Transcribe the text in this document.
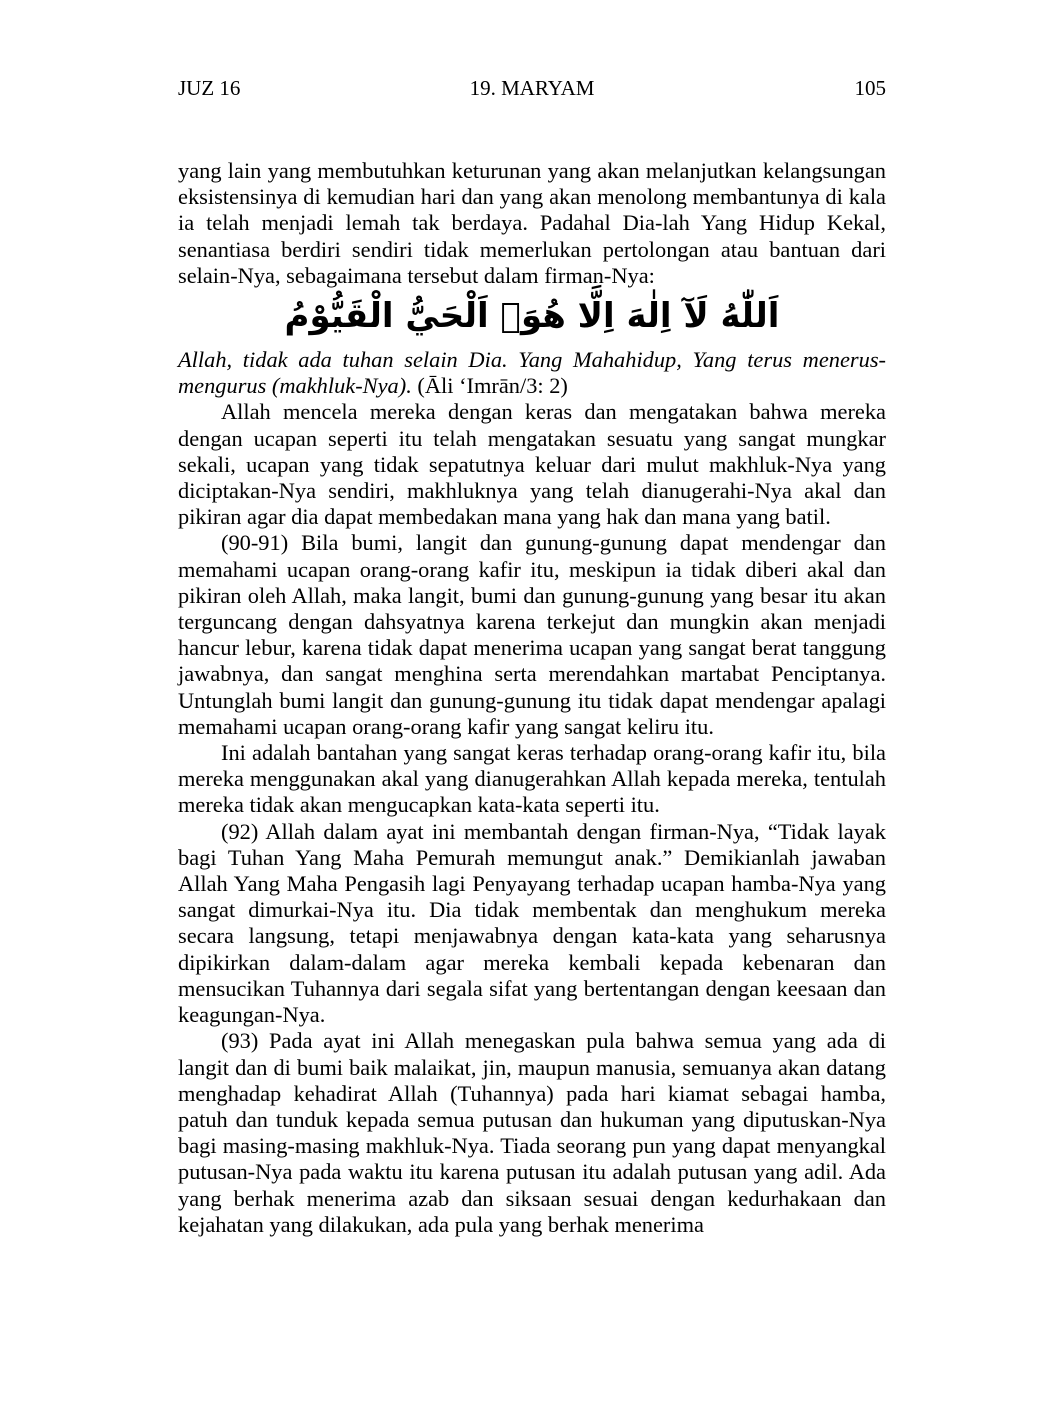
JUZ 16	19. MARYAM	105

yang lain yang membutuhkan keturunan yang akan melanjutkan kelangsungan eksistensinya di kemudian hari dan yang akan menolong membantunya di kala ia telah menjadi lemah tak berdaya. Padahal Dia-lah Yang Hidup Kekal, senantiasa berdiri sendiri tidak memerlukan pertolongan atau bantuan dari selain-Nya, sebagaimana tersebut dalam firman-Nya:

اَللّٰهُ لَآ اِلٰهَ اِلَّا هُوَۚ اَلْحَيُّ الْقَيُّوْمُ

Allah, tidak ada tuhan selain Dia. Yang Mahahidup, Yang terus menerus-mengurus (makhluk-Nya). (Āli ‘Imrān/3: 2)

Allah mencela mereka dengan keras dan mengatakan bahwa mereka dengan ucapan seperti itu telah mengatakan sesuatu yang sangat mungkar sekali, ucapan yang tidak sepatutnya keluar dari mulut makhluk-Nya yang diciptakan-Nya sendiri, makhluknya yang telah dianugerahi-Nya akal dan pikiran agar dia dapat membedakan mana yang hak dan mana yang batil.

(90-91) Bila bumi, langit dan gunung-gunung dapat mendengar dan memahami ucapan orang-orang kafir itu, meskipun ia tidak diberi akal dan pikiran oleh Allah, maka langit, bumi dan gunung-gunung yang besar itu akan terguncang dengan dahsyatnya karena terkejut dan mungkin akan menjadi hancur lebur, karena tidak dapat menerima ucapan yang sangat berat tanggung jawabnya, dan sangat menghina serta merendahkan martabat Penciptanya. Untunglah bumi langit dan gunung-gunung itu tidak dapat mendengar apalagi memahami ucapan orang-orang kafir yang sangat keliru itu.

Ini adalah bantahan yang sangat keras terhadap orang-orang kafir itu, bila mereka menggunakan akal yang dianugerahkan Allah kepada mereka, tentulah mereka tidak akan mengucapkan kata-kata seperti itu.

(92) Allah dalam ayat ini membantah dengan firman-Nya, “Tidak layak bagi Tuhan Yang Maha Pemurah memungut anak.” Demikianlah jawaban Allah Yang Maha Pengasih lagi Penyayang terhadap ucapan hamba-Nya yang sangat dimurkai-Nya itu. Dia tidak membentak dan menghukum mereka secara langsung, tetapi menjawabnya dengan kata-kata yang seharusnya dipikirkan dalam-dalam agar mereka kembali kepada kebenaran dan mensucikan Tuhannya dari segala sifat yang bertentangan dengan keesaan dan keagungan-Nya.

(93) Pada ayat ini Allah menegaskan pula bahwa semua yang ada di langit dan di bumi baik malaikat, jin, maupun manusia, semuanya akan datang menghadap kehadirat Allah (Tuhannya) pada hari kiamat sebagai hamba, patuh dan tunduk kepada semua putusan dan hukuman yang diputuskan-Nya bagi masing-masing makhluk-Nya. Tiada seorang pun yang dapat menyangkal putusan-Nya pada waktu itu karena putusan itu adalah putusan yang adil. Ada yang berhak menerima azab dan siksaan sesuai dengan kedurhakaan dan kejahatan yang dilakukan, ada pula yang berhak menerima
